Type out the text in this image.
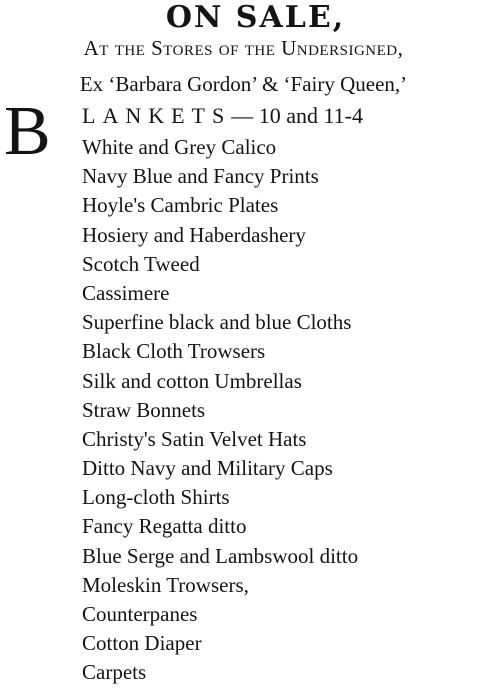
ON SALE,
At the Stores of the Undersigned,
Ex ‘Barbara Gordon’ & ‘Fairy Queen,’
B LANKETS— 10 and 11-4
White and Grey Calico
Navy Blue and Fancy Prints
Hoyle's Cambric Plates
Hosiery and Haberdashery
Scotch Tweed
Cassimere
Superfine black and blue Cloths
Black Cloth Trowsers
Silk and cotton Umbrellas
Straw Bonnets
Christy's Satin Velvet Hats
Ditto Navy and Military Caps
Long-cloth Shirts
Fancy Regatta ditto
Blue Serge and Lambswool ditto
Moleskin Trowsers,
Counterpanes
Cotton Diaper
Carpets
